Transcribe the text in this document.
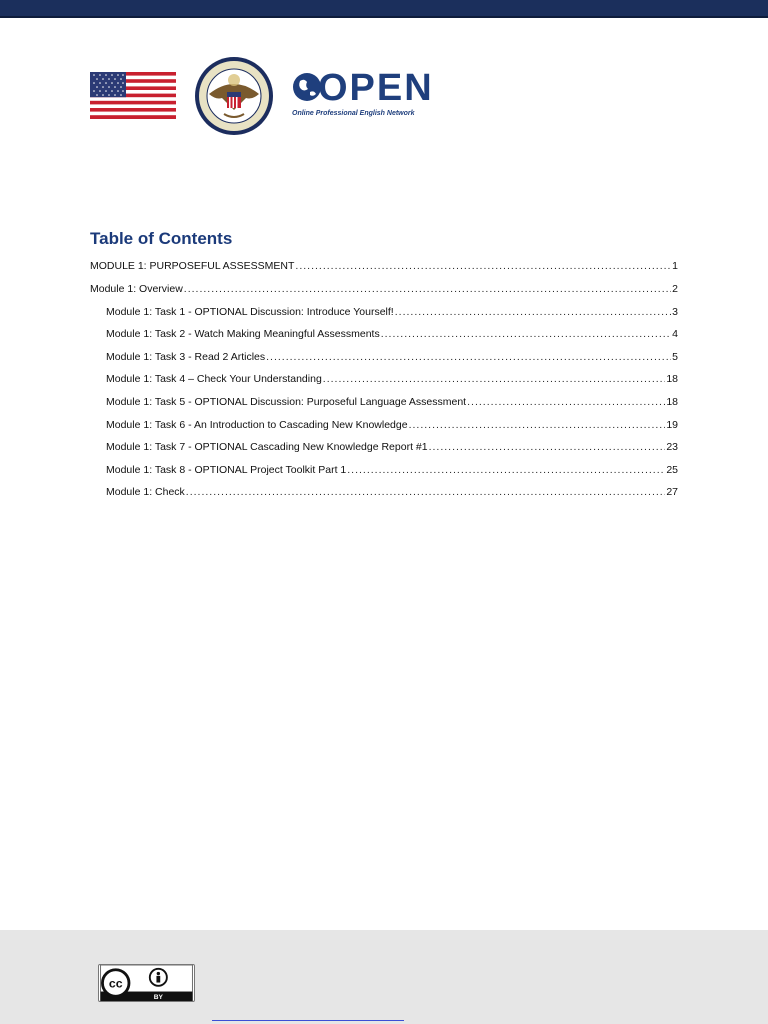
OPEN
Online Professional English Network
Table of Contents
MODULE 1: PURPOSEFUL ASSESSMENT .....	1
Module 1: Overview .....	2
Module 1: Task 1 - OPTIONAL Discussion: Introduce Yourself! .....	3
Module 1: Task 2 - Watch Making Meaningful Assessments .....	4
Module 1: Task 3 - Read 2 Articles .....	5
Module 1: Task 4 – Check Your Understanding .....	18
Module 1: Task 5 - OPTIONAL Discussion: Purposeful Language Assessment .....	18
Module 1: Task 6 - An Introduction to Cascading New Knowledge .....	19
Module 1: Task 7 - OPTIONAL Cascading New Knowledge Report #1 .....	23
Module 1: Task 8 - OPTIONAL Project Toolkit Part 1 .....	25
Module 1: Check .....	27
cc
BY
